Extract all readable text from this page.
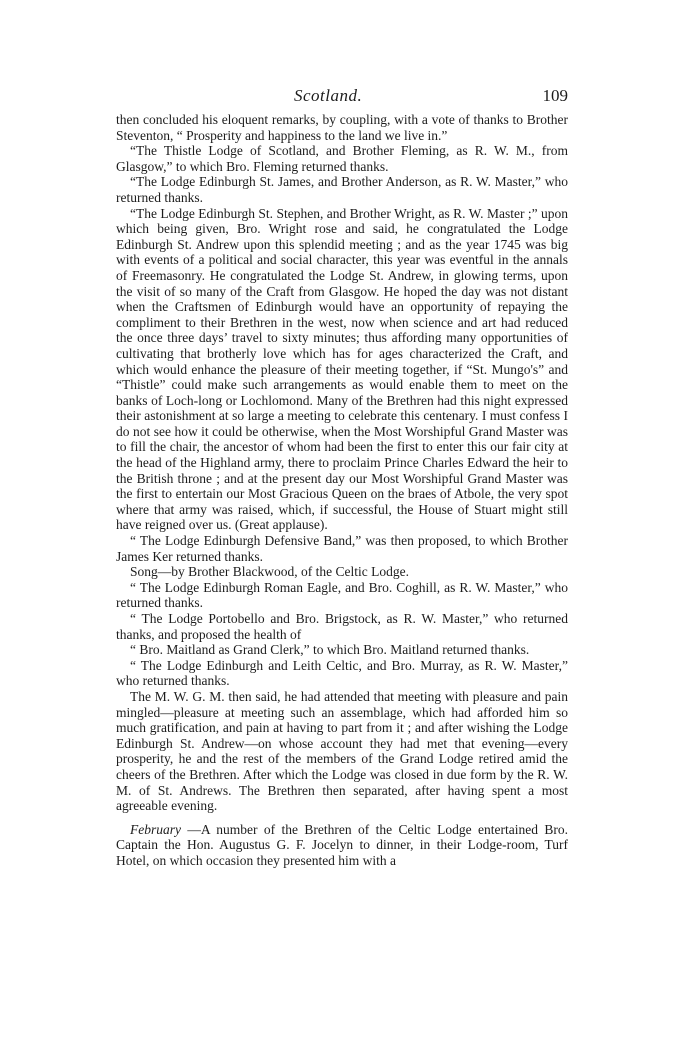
Scotland.	109

then concluded his eloquent remarks, by coupling, with a vote of thanks to Brother Steventon, “ Prosperity and happiness to the land we live in.”

“The Thistle Lodge of Scotland, and Brother Fleming, as R. W. M., from Glasgow,” to which Bro. Fleming returned thanks.

“The Lodge Edinburgh St. James, and Brother Anderson, as R. W. Master,” who returned thanks.

“The Lodge Edinburgh St. Stephen, and Brother Wright, as R. W. Master ;” upon which being given, Bro. Wright rose and said, he congratulated the Lodge Edinburgh St. Andrew upon this splendid meeting ; and as the year 1745 was big with events of a political and social character, this year was eventful in the annals of Freemasonry. He congratulated the Lodge St. Andrew, in glowing terms, upon the visit of so many of the Craft from Glasgow. He hoped the day was not distant when the Craftsmen of Edinburgh would have an opportunity of repaying the compliment to their Brethren in the west, now when science and art had reduced the once three days’ travel to sixty minutes; thus affording many opportunities of cultivating that brotherly love which has for ages characterized the Craft, and which would enhance the pleasure of their meeting together, if “St. Mungo's” and “Thistle” could make such arrangements as would enable them to meet on the banks of Loch-long or Lochlomond. Many of the Brethren had this night expressed their astonishment at so large a meeting to celebrate this centenary. I must confess I do not see how it could be otherwise, when the Most Worshipful Grand Master was to fill the chair, the ancestor of whom had been the first to enter this our fair city at the head of the Highland army, there to proclaim Prince Charles Edward the heir to the British throne ; and at the present day our Most Worshipful Grand Master was the first to entertain our Most Gracious Queen on the braes of Atbole, the very spot where that army was raised, which, if successful, the House of Stuart might still have reigned over us. (Great applause).

“ The Lodge Edinburgh Defensive Band,” was then proposed, to which Brother James Ker returned thanks.

Song—by Brother Blackwood, of the Celtic Lodge.

“ The Lodge Edinburgh Roman Eagle, and Bro. Coghill, as R. W. Master,” who returned thanks.

“ The Lodge Portobello and Bro. Brigstock, as R. W. Master,” who returned thanks, and proposed the health of

“ Bro. Maitland as Grand Clerk,” to which Bro. Maitland returned thanks.

“ The Lodge Edinburgh and Leith Celtic, and Bro. Murray, as R. W. Master,” who returned thanks.

The M. W. G. M. then said, he had attended that meeting with pleasure and pain mingled—pleasure at meeting such an assemblage, which had afforded him so much gratification, and pain at having to part from it ; and after wishing the Lodge Edinburgh St. Andrew—on whose account they had met that evening—every prosperity, he and the rest of the members of the Grand Lodge retired amid the cheers of the Brethren. After which the Lodge was closed in due form by the R. W. M. of St. Andrews. The Brethren then separated, after having spent a most agreeable evening.

February —A number of the Brethren of the Celtic Lodge entertained Bro. Captain the Hon. Augustus G. F. Jocelyn to dinner, in their Lodge-room, Turf Hotel, on which occasion they presented him with a
